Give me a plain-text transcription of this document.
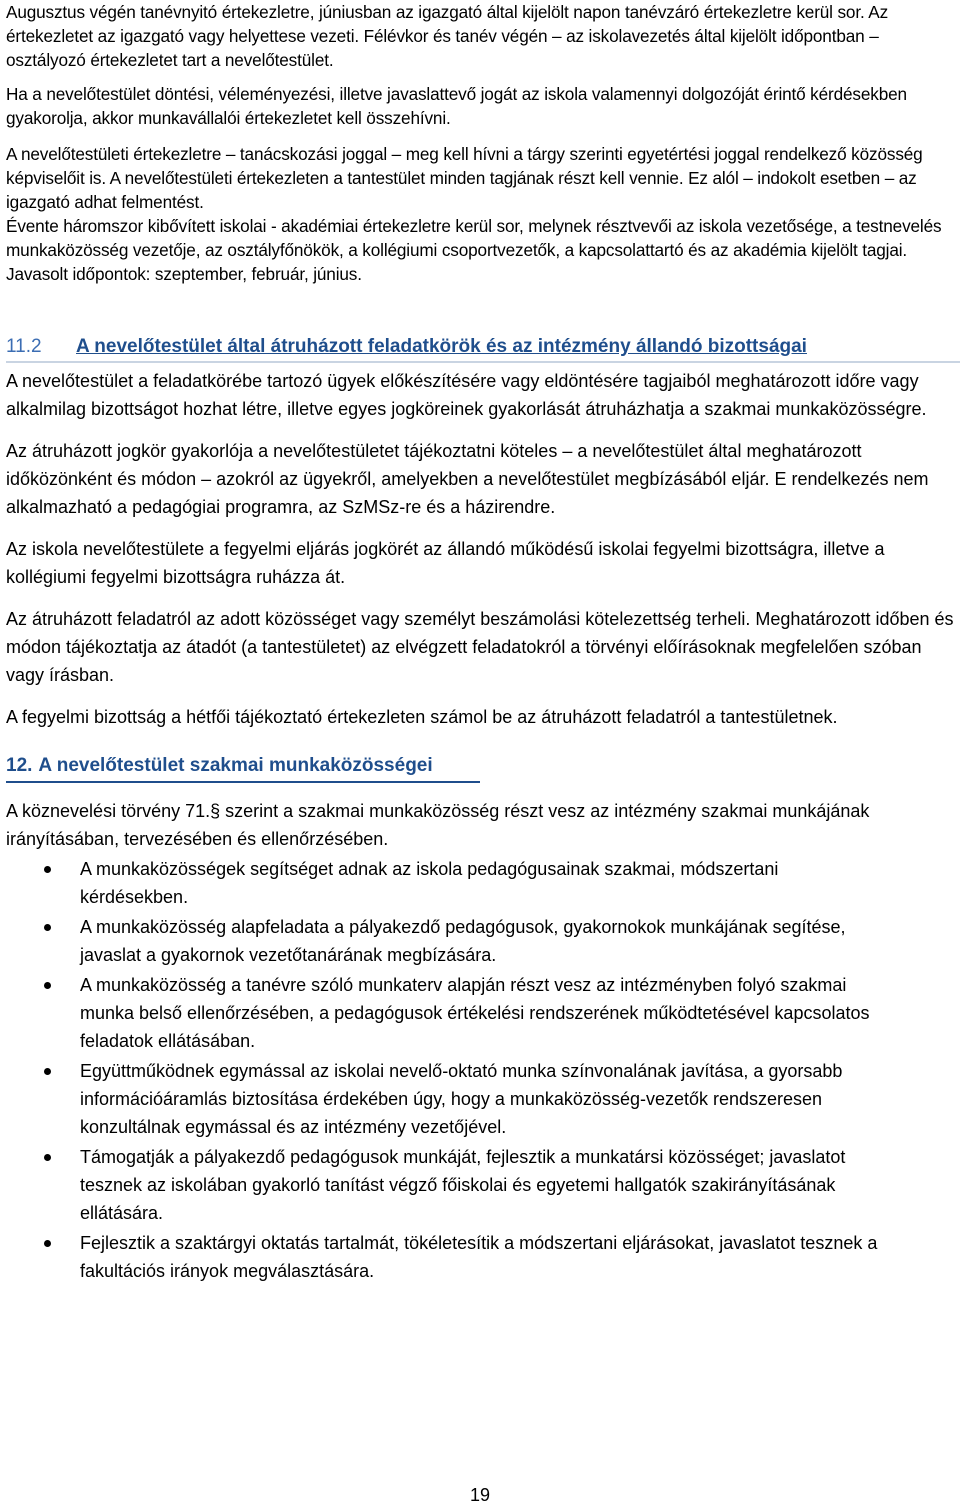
Augusztus végén tanévnyitó értekezletre, júniusban az igazgató által kijelölt napon tanévzáró értekezletre kerül sor. Az értekezletet az igazgató vagy helyettese vezeti. Félévkor és tanév végén – az iskolavezetés által kijelölt időpontban – osztályozó értekezletet tart a nevelőtestület.

Ha a nevelőtestület döntési, véleményezési, illetve javaslattevő jogát az iskola valamennyi dolgozóját érintő kérdésekben gyakorolja, akkor munkavállalói értekezletet kell összehívni.

A nevelőtestületi értekezletre – tanácskozási joggal – meg kell hívni a tárgy szerinti egyetértési joggal rendelkező közösség képviselőit is. A nevelőtestületi értekezleten a tantestület minden tagjának részt kell vennie. Ez alól – indokolt esetben – az igazgató adhat felmentést.

Évente háromszor kibővített iskolai - akadémiai értekezletre kerül sor, melynek résztvevői az iskola vezetősége, a testnevelés munkaközösség vezetője, az osztályfőnökök, a kollégiumi csoportvezetők, a kapcsolattartó és az akadémia kijelölt tagjai. Javasolt időpontok: szeptember, február, június.

11.2 A nevelőtestület által átruházott feladatkörök és az intézmény állandó bizottságai

A nevelőtestület a feladatkörébe tartozó ügyek előkészítésére vagy eldöntésére tagjaiból meghatározott időre vagy alkalmilag bizottságot hozhat létre, illetve egyes jogköreinek gyakorlását átruházhatja a szakmai munkaközösségre.

Az átruházott jogkör gyakorlója a nevelőtestületet tájékoztatni köteles – a nevelőtestület által meghatározott időközönként és módon – azokról az ügyekről, amelyekben a nevelőtestület megbízásából eljár. E rendelkezés nem alkalmazható a pedagógiai programra, az SzMSz-re és a házirendre.

Az iskola nevelőtestülete a fegyelmi eljárás jogkörét az állandó működésű iskolai fegyelmi bizottságra, illetve a kollégiumi fegyelmi bizottságra ruházza át.

Az átruházott feladatról az adott közösséget vagy személyt beszámolási kötelezettség terheli. Meghatározott időben és módon tájékoztatja az átadót (a tantestületet) az elvégzett feladatokról a törvényi előírásoknak megfelelően szóban vagy írásban.

A fegyelmi bizottság a hétfői tájékoztató értekezleten számol be az átruházott feladatról a tantestületnek.

12. A nevelőtestület szakmai munkaközösségei

A köznevelési törvény 71.§ szerint a szakmai munkaközösség részt vesz az intézmény szakmai munkájának irányításában, tervezésében és ellenőrzésében.

A munkaközösségek segítséget adnak az iskola pedagógusainak szakmai, módszertani kérdésekben.
A munkaközösség alapfeladata a pályakezdő pedagógusok, gyakornokok munkájának segítése, javaslat a gyakornok vezetőtanárának megbízására.
A munkaközösség a tanévre szóló munkaterv alapján részt vesz az intézményben folyó szakmai munka belső ellenőrzésében, a pedagógusok értékelési rendszerének működtetésével kapcsolatos feladatok ellátásában.
Együttműködnek egymással az iskolai nevelő-oktató munka színvonalának javítása, a gyorsabb információáramlás biztosítása érdekében úgy, hogy a munkaközösség-vezetők rendszeresen konzultálnak egymással és az intézmény vezetőjével.
Támogatják a pályakezdő pedagógusok munkáját, fejlesztik a munkatársi közösséget; javaslatot tesznek az iskolában gyakorló tanítást végző főiskolai és egyetemi hallgatók szakirányításának ellátására.
Fejlesztik a szaktárgyi oktatás tartalmát, tökéletesítik a módszertani eljárásokat, javaslatot tesznek a fakultációs irányok megválasztására.
19
